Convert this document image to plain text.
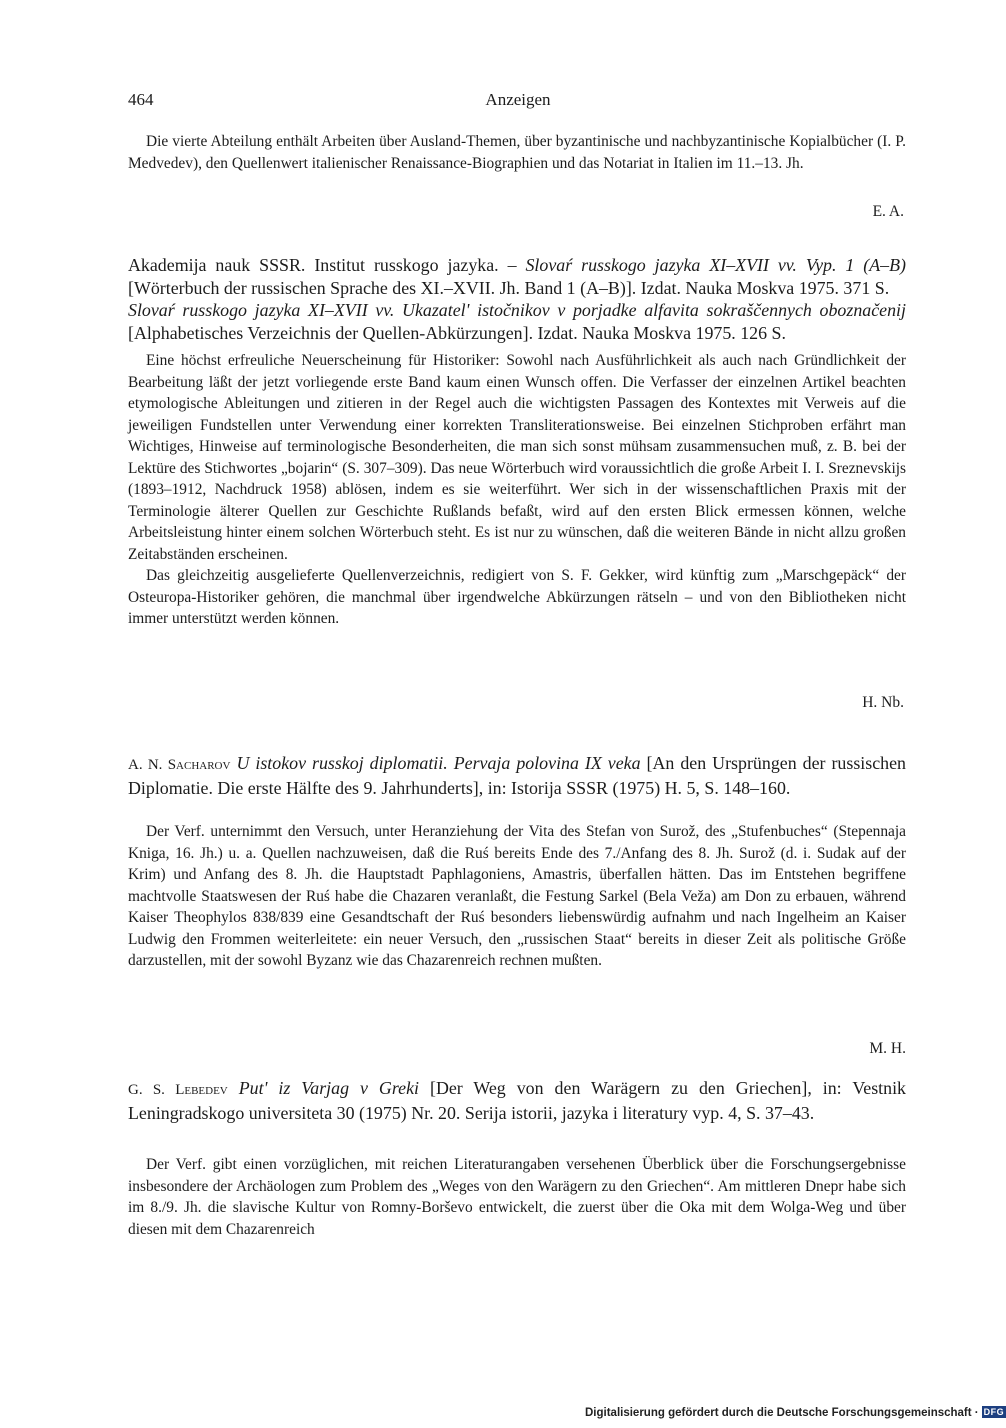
464	Anzeigen

Die vierte Abteilung enthält Arbeiten über Ausland-Themen, über byzantinische und nachbyzantinische Kopialbücher (I. P. Medvedev), den Quellenwert italienischer Renaissance-Biographien und das Notariat in Italien im 11.–13. Jh.

E. A.

Akademija nauk SSSR. Institut russkogo jazyka. – Slovaŕ russkogo jazyka XI–XVII vv. Vyp. 1 (A–B) [Wörterbuch der russischen Sprache des XI.–XVII. Jh. Band 1 (A–B)]. Izdat. Nauka Moskva 1975. 371 S.

Slovaŕ russkogo jazyka XI–XVII vv. Ukazatel' istočnikov v porjadke alfavita sokraščennych oboznačenij [Alphabetisches Verzeichnis der Quellen-Abkürzungen]. Izdat. Nauka Moskva 1975. 126 S.

Eine höchst erfreuliche Neuerscheinung für Historiker: Sowohl nach Ausführlichkeit als auch nach Gründlichkeit der Bearbeitung läßt der jetzt vorliegende erste Band kaum einen Wunsch offen. Die Verfasser der einzelnen Artikel beachten etymologische Ableitungen und zitieren in der Regel auch die wichtigsten Passagen des Kontextes mit Verweis auf die jeweiligen Fundstellen unter Verwendung einer korrekten Transliterationsweise. Bei einzelnen Stichproben erfährt man Wichtiges, Hinweise auf terminologische Besonderheiten, die man sich sonst mühsam zusammensuchen muß, z. B. bei der Lektüre des Stichwortes „bojarin“ (S. 307–309). Das neue Wörterbuch wird voraussichtlich die große Arbeit I. I. Sreznevskijs (1893–1912, Nachdruck 1958) ablösen, indem es sie weiterführt. Wer sich in der wissenschaftlichen Praxis mit der Terminologie älterer Quellen zur Geschichte Rußlands befaßt, wird auf den ersten Blick ermessen können, welche Arbeitsleistung hinter einem solchen Wörterbuch steht. Es ist nur zu wünschen, daß die weiteren Bände in nicht allzu großen Zeitabständen erscheinen.

Das gleichzeitig ausgelieferte Quellenverzeichnis, redigiert von S. F. Gekker, wird künftig zum „Marschgepäck“ der Osteuropa-Historiker gehören, die manchmal über irgendwelche Abkürzungen rätseln – und von den Bibliotheken nicht immer unterstützt werden können.

H. Nb.

A. N. Sacharov U istokov russkoj diplomatii. Pervaja polovina IX veka [An den Ursprüngen der russischen Diplomatie. Die erste Hälfte des 9. Jahrhunderts], in: Istorija SSSR (1975) H. 5, S. 148–160.

Der Verf. unternimmt den Versuch, unter Heranziehung der Vita des Stefan von Surož, des „Stufenbuches“ (Stepennaja Kniga, 16. Jh.) u. a. Quellen nachzuweisen, daß die Ruś bereits Ende des 7./Anfang des 8. Jh. Surož (d. i. Sudak auf der Krim) und Anfang des 8. Jh. die Hauptstadt Paphlagoniens, Amastris, überfallen hätten. Das im Entstehen begriffene machtvolle Staatswesen der Ruś habe die Chazaren veranlaßt, die Festung Sarkel (Bela Veža) am Don zu erbauen, während Kaiser Theophylos 838/839 eine Gesandtschaft der Ruś besonders liebenswürdig aufnahm und nach Ingelheim an Kaiser Ludwig den Frommen weiterleitete: ein neuer Versuch, den „russischen Staat“ bereits in dieser Zeit als politische Größe darzustellen, mit der sowohl Byzanz wie das Chazarenreich rechnen mußten.

M. H.

G. S. Lebedev Put' iz Varjag v Greki [Der Weg von den Warägern zu den Griechen], in: Vestnik Leningradskogo universiteta 30 (1975) Nr. 20. Serija istorii, jazyka i literatury vyp. 4, S. 37–43.

Der Verf. gibt einen vorzüglichen, mit reichen Literaturangaben versehenen Überblick über die Forschungsergebnisse insbesondere der Archäologen zum Problem des „Weges von den Warägern zu den Griechen“. Am mittleren Dnepr habe sich im 8./9. Jh. die slavische Kultur von Romny-Borševo entwickelt, die zuerst über die Oka mit dem Wolga-Weg und über diesen mit dem Chazarenreich

Digitalisierung gefördert durch die Deutsche Forschungsgemeinschaft · DFG
